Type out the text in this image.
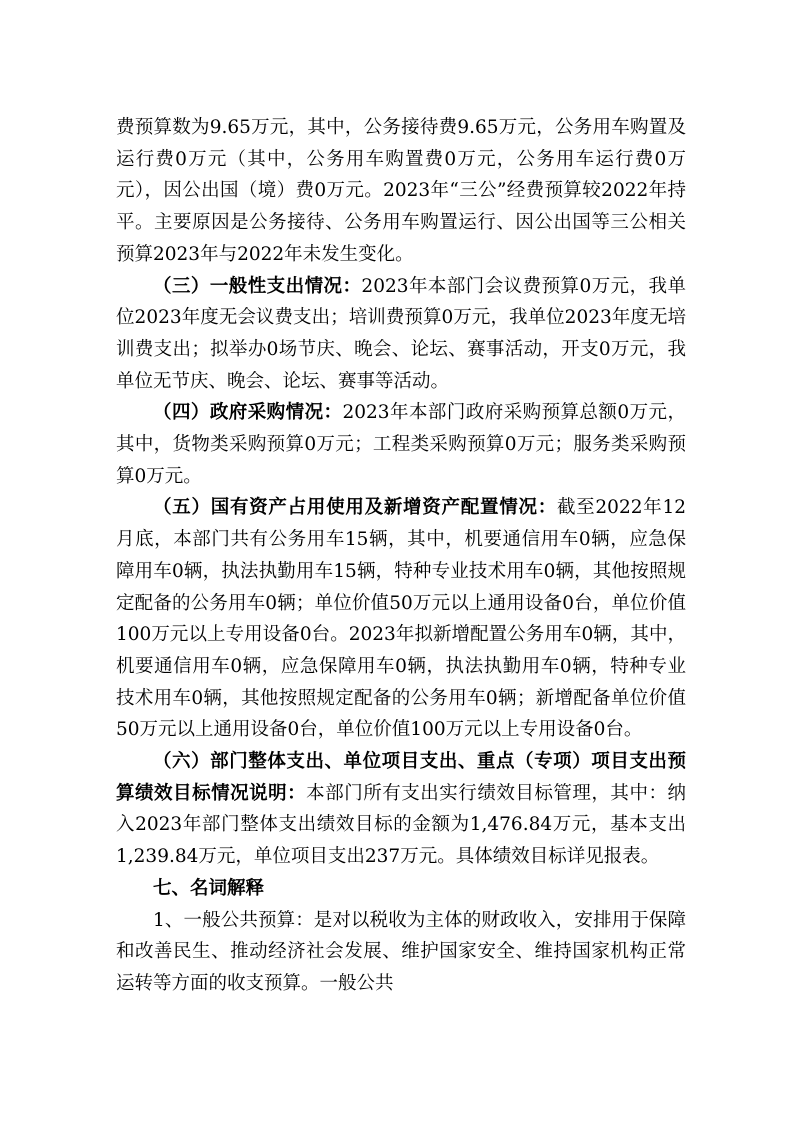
费预算数为9.65万元，其中，公务接待费9.65万元，公务用车购置及运行费0万元（其中，公务用车购置费0万元，公务用车运行费0万元），因公出国（境）费0万元。2023年“三公”经费预算较2022年持平。主要原因是公务接待、公务用车购置运行、因公出国等三公相关预算2023年与2022年未发生变化。

（三）一般性支出情况：2023年本部门会议费预算0万元，我单位2023年度无会议费支出；培训费预算0万元，我单位2023年度无培训费支出；拟举办0场节庆、晚会、论坛、赛事活动，开支0万元，我单位无节庆、晚会、论坛、赛事等活动。

（四）政府采购情况：2023年本部门政府采购预算总额0万元，其中，货物类采购预算0万元；工程类采购预算0万元；服务类采购预算0万元。

（五）国有资产占用使用及新增资产配置情况：截至2022年12月底，本部门共有公务用车15辆，其中，机要通信用车0辆，应急保障用车0辆，执法执勤用车15辆，特种专业技术用车0辆，其他按照规定配备的公务用车0辆；单位价值50万元以上通用设备0台，单位价值100万元以上专用设备0台。2023年拟新增配置公务用车0辆，其中，机要通信用车0辆，应急保障用车0辆，执法执勤用车0辆，特种专业技术用车0辆，其他按照规定配备的公务用车0辆；新增配备单位价值50万元以上通用设备0台，单位价值100万元以上专用设备0台。

（六）部门整体支出、单位项目支出、重点（专项）项目支出预算绩效目标情况说明：本部门所有支出实行绩效目标管理，其中：纳入2023年部门整体支出绩效目标的金额为1,476.84万元，基本支出1,239.84万元，单位项目支出237万元。具体绩效目标详见报表。

七、名词解释

1、一般公共预算：是对以税收为主体的财政收入，安排用于保障和改善民生、推动经济社会发展、维护国家安全、维持国家机构正常运转等方面的收支预算。一般公共
